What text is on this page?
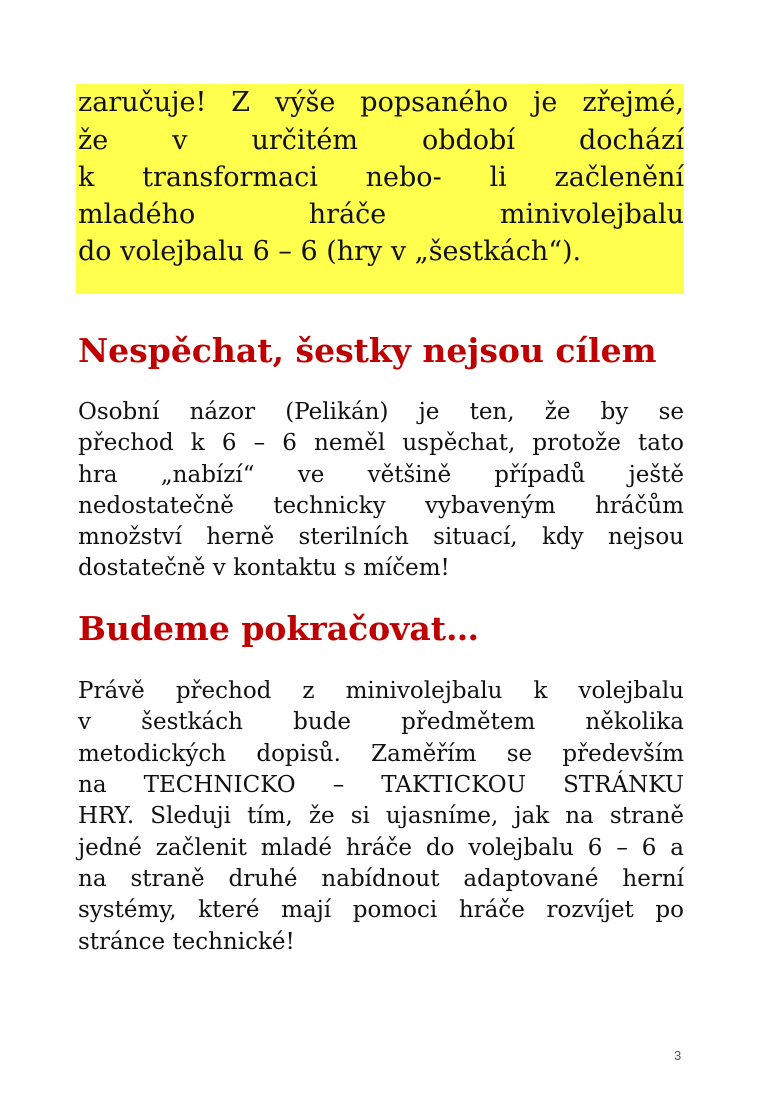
zaručuje! Z výše popsaného je zřejmé,
že v určitém období dochází
k transformaci nebo- li začlenění
mladého hráče minivolejbalu
do volejbalu 6 – 6 (hry v „šestkách“).
Nespěchat, šestky nejsou cílem
Osobní názor (Pelikán) je ten, že by se
přechod k 6 – 6 neměl uspěchat, protože tato
hra „nabízí“ ve většině případů ještě
nedostatečně technicky vybaveným hráčům
množství herně sterilních situací, kdy nejsou
dostatečně v kontaktu s míčem!
Budeme pokračovat…
Právě přechod z minivolejbalu k volejbalu
v šestkách bude předmětem několika
metodických dopisů. Zaměřím se především
na TECHNICKO – TAKTICKOU STRÁNKU
HRY. Sleduji tím, že si ujasníme, jak na straně
jedné začlenit mladé hráče do volejbalu 6 – 6 a
na straně druhé nabídnout adaptované herní
systémy, které mají pomoci hráče rozvíjet po
stránce technické!
3
